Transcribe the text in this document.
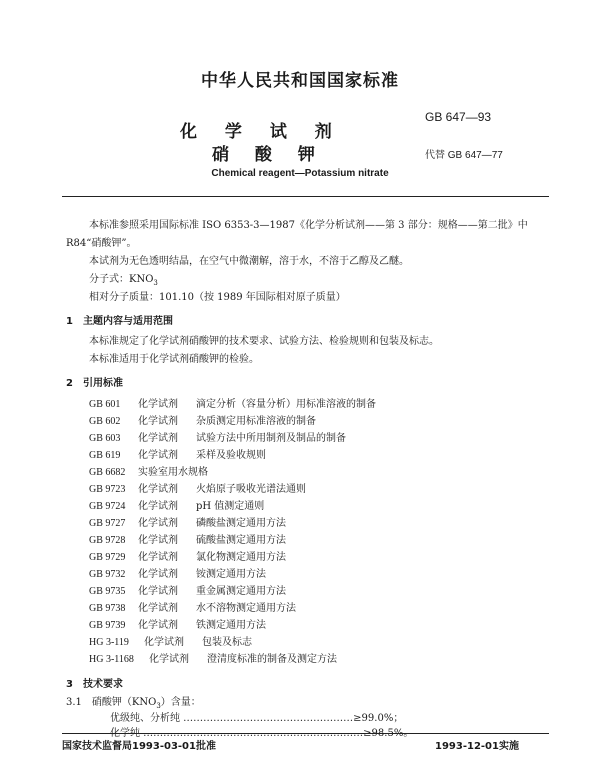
中华人民共和国国家标准

化 学 试 剂

硝 酸 钾

GB 647—93

代替 GB 647—77

Chemical reagent—Potassium nitrate

本标准参照采用国际标准 ISO 6353-3—1987《化学分析试剂——第 3 部分：规格——第二批》中

R84“硝酸钾”。

本试剂为无色透明结晶，在空气中微潮解，溶于水，不溶于乙醇及乙醚。

分子式：$KNO_3$

相对分子质量：101.10（按 1989 年国际相对原子质量）

1　主题内容与适用范围

本标准规定了化学试剂硝酸钾的技术要求、试验方法、检验规则和包装及标志。

本标准适用于化学试剂硝酸钾的检验。

2　引用标准

GB 601 化学试剂 滴定分析（容量分析）用标准溶液的制备
GB 602 化学试剂 杂质测定用标准溶液的制备
GB 603 化学试剂 试验方法中所用制剂及制品的制备
GB 619 化学试剂 采样及验收规则
GB 6682 实验室用水规格
GB 9723 化学试剂 火焰原子吸收光谱法通则
GB 9724 化学试剂 pH 值测定通则
GB 9727 化学试剂 磷酸盐测定通用方法
GB 9728 化学试剂 硫酸盐测定通用方法
GB 9729 化学试剂 氯化物测定通用方法
GB 9732 化学试剂 铵测定通用方法
GB 9735 化学试剂 重金属测定通用方法
GB 9738 化学试剂 水不溶物测定通用方法
GB 9739 化学试剂 铁测定通用方法
HG 3-119 化学试剂 包装及标志
HG 3-1168 化学试剂 澄清度标准的制备及测定方法

3　技术要求

3.1　硝酸钾$(KNO_3)$含量：

优级纯、分析纯 ……………………………………………≥99.0%；

化学纯 …………………………………………………………≥98.5%。

国家技术监督局1993-03-01批准	1993-12-01实施
